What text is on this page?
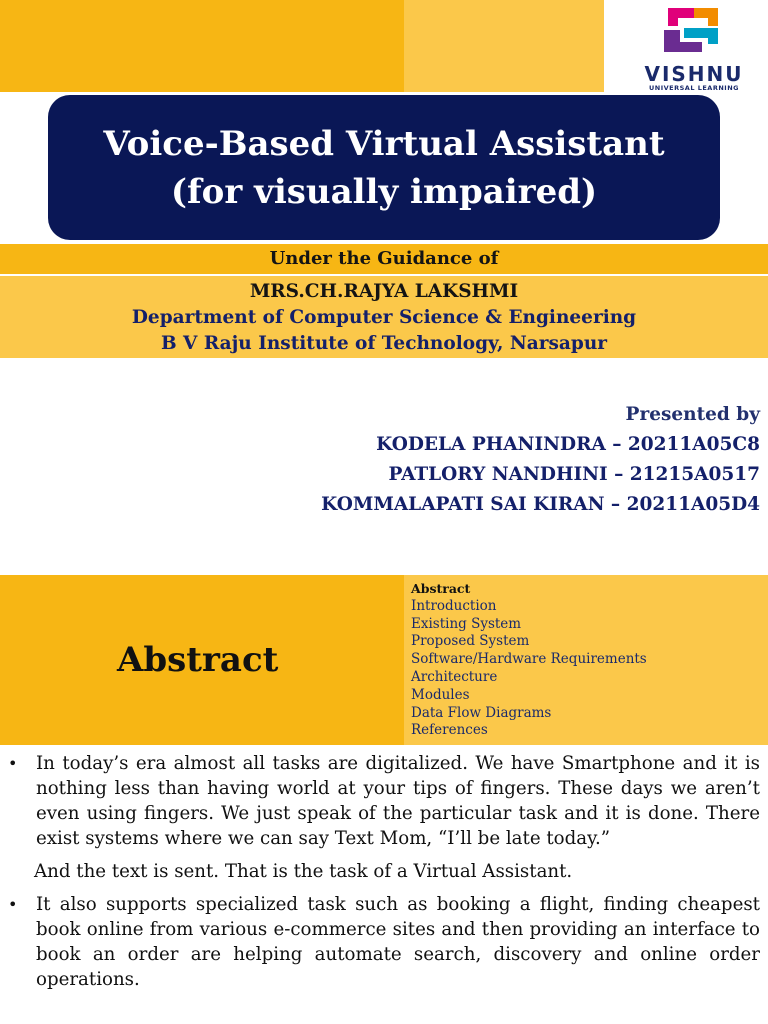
VISHNU
UNIVERSAL LEARNING
Voice-Based Virtual Assistant
(for visually impaired)
Under the Guidance of
MRS.CH.RAJYA LAKSHMI
Department of Computer Science & Engineering
B V Raju Institute of Technology, Narsapur
Presented by
KODELA PHANINDRA – 20211A05C8
PATLORY NANDHINI – 21215A0517
KOMMALAPATI SAI KIRAN – 20211A05D4
Abstract
Abstract
Introduction
Existing System
Proposed System
Software/Hardware Requirements
Architecture
Modules
Data Flow Diagrams
References
• In today’s era almost all tasks are digitalized. We have Smartphone and it is nothing less than having world at your tips of fingers. These days we aren’t even using fingers. We just speak of the particular task and it is done. There exist systems where we can say Text Mom, “I’ll be late today.”
And the text is sent. That is the task of a Virtual Assistant.
• It also supports specialized task such as booking a flight, finding cheapest book online from various e-commerce sites and then providing an interface to book an order are helping automate search, discovery and online order operations.
